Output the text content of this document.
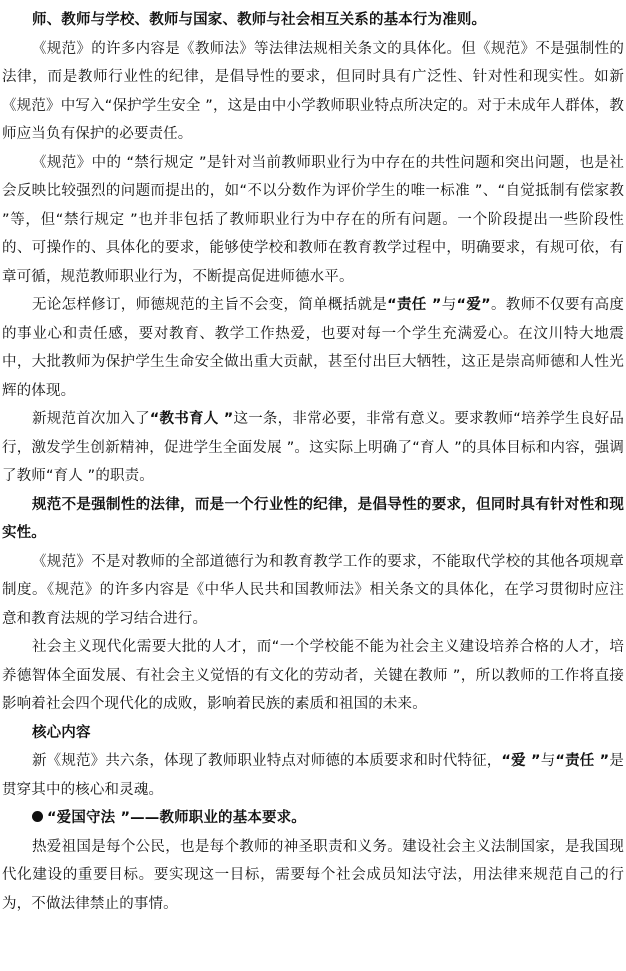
师、教师与学校、教师与国家、教师与社会相互关系的基本行为准则。

《规范》的许多内容是《教师法》等法律法规相关条文的具体化。但《规范》不是强制性的法律，而是教师行业性的纪律，是倡导性的要求，但同时具有广泛性、针对性和现实性。如新《规范》中写入“保护学生安全 ”，这是由中小学教师职业特点所决定的。对于未成年人群体，教师应当负有保护的必要责任。

《规范》中的 “禁行规定 ”是针对当前教师职业行为中存在的共性问题和突出问题，也是社会反映比较强烈的问题而提出的，如“不以分数作为评价学生的唯一标准 ”、“自觉抵制有偿家教 ”等，但“禁行规定 ”也并非包括了教师职业行为中存在的所有问题。一个阶段提出一些阶段性的、可操作的、具体化的要求，能够使学校和教师在教育教学过程中，明确要求，有规可依，有章可循，规范教师职业行为，不断提高促进师德水平。

无论怎样修订，师德规范的主旨不会变，简单概括就是“责任 ”与“爱”。教师不仅要有高度的事业心和责任感，要对教育、教学工作热爱，也要对每一个学生充满爱心。在汶川特大地震中，大批教师为保护学生生命安全做出重大贡献，甚至付出巨大牺牲，这正是崇高师德和人性光辉的体现。

新规范首次加入了“教书育人 ”这一条，非常必要，非常有意义。要求教师“培养学生良好品行，激发学生创新精神，促进学生全面发展 ”。这实际上明确了“育人 ”的具体目标和内容，强调了教师“育人 ”的职责。

规范不是强制性的法律，而是一个行业性的纪律，是倡导性的要求，但同时具有针对性和现实性。

《规范》不是对教师的全部道德行为和教育教学工作的要求，不能取代学校的其他各项规章制度。《规范》的许多内容是《中华人民共和国教师法》相关条文的具体化，在学习贯彻时应注意和教育法规的学习结合进行。

社会主义现代化需要大批的人才，而“一个学校能不能为社会主义建设培养合格的人才，培养德智体全面发展、有社会主义觉悟的有文化的劳动者，关键在教师 ”，所以教师的工作将直接影响着社会四个现代化的成败，影响着民族的素质和祖国的未来。

核心内容

新《规范》共六条，体现了教师职业特点对师德的本质要求和时代特征，“爱 ”与“责任 ”是贯穿其中的核心和灵魂。

“爱国守法 ”——教师职业的基本要求。

热爱祖国是每个公民，也是每个教师的神圣职责和义务。建设社会主义法制国家，是我国现代化建设的重要目标。要实现这一目标，需要每个社会成员知法守法，用法律来规范自己的行为，不做法律禁止的事情。
